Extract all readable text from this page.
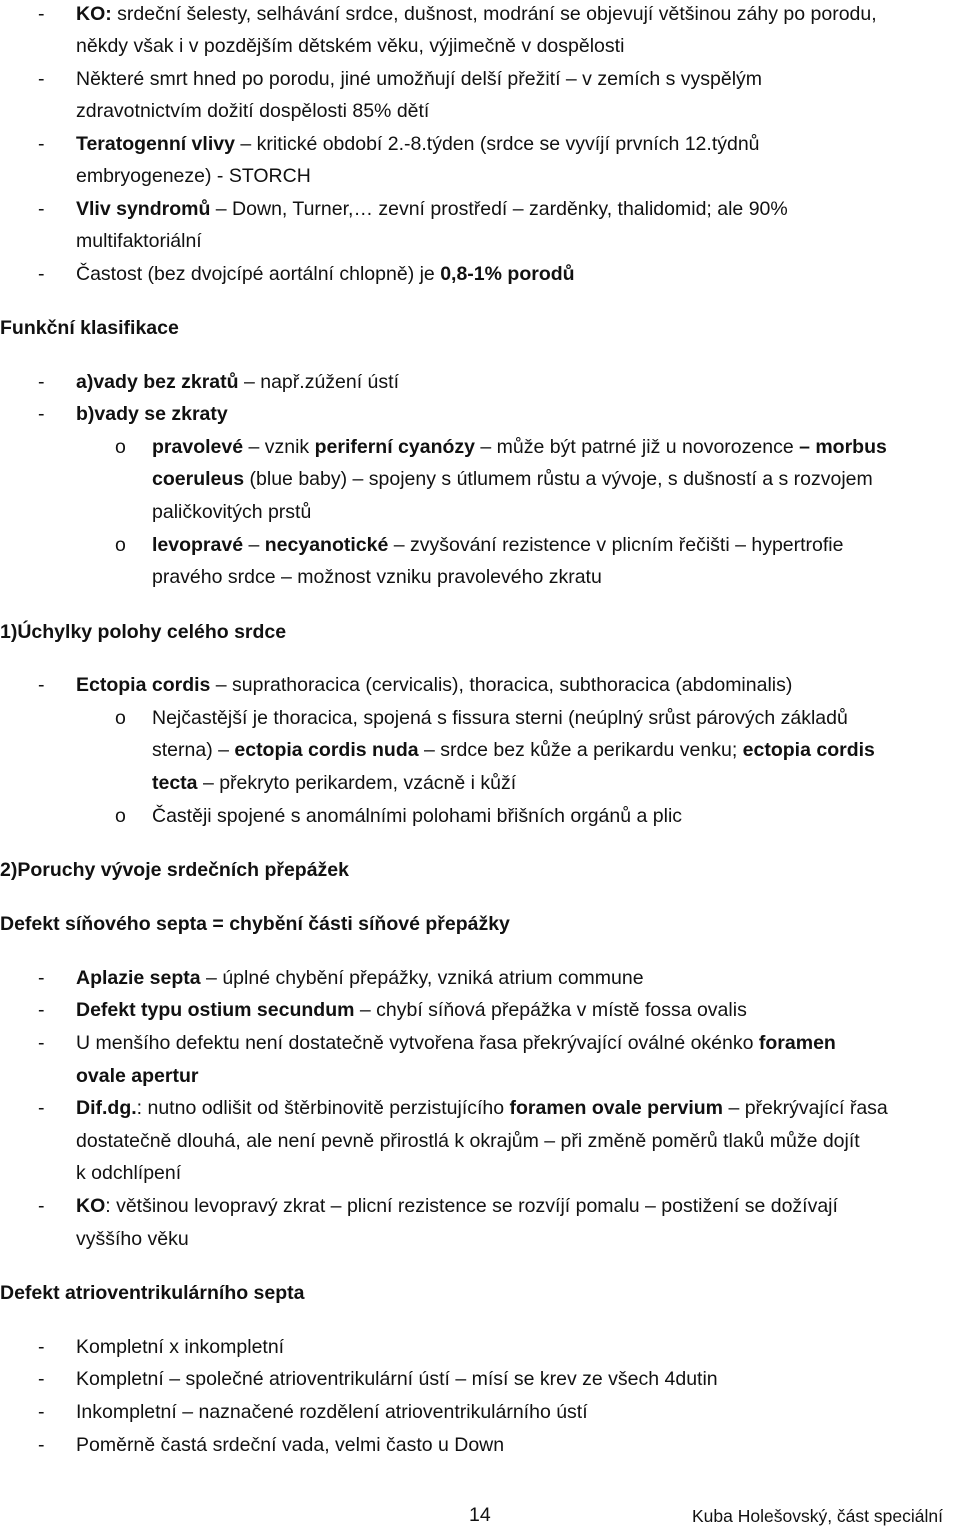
- KO: srdeční šelesty, selhávání srdce, dušnost, modrání se objevují většinou záhy po porodu,
někdy však i v pozdějším dětském věku, výjimečně v dospělosti
- Některé smrt hned po porodu, jiné umožňují delší přežití – v zemích s vyspělým
zdravotnictvím dožití dospělosti 85% dětí
- Teratogenní vlivy – kritické období 2.-8.týden (srdce se vyvíjí prvních 12.týdnů
embryogeneze) - STORCH
- Vliv syndromů – Down, Turner,… zevní prostředí – zarděnky, thalidomid; ale 90%
multifaktoriální
- Častost (bez dvojcípé aortální chlopně) je 0,8-1% porodů
Funkční klasifikace
- a)vady bez zkratů – např.zúžení ústí
- b)vady se zkraty
o pravolevé – vznik periferní cyanózy – může být patrné již u novorozence – morbus
coeruleus (blue baby) – spojeny s útlumem růstu a vývoje, s dušností a s rozvojem
paličkovitých prstů
o levopravé – necyanotické – zvyšování rezistence v plicním řečišti – hypertrofie
pravého srdce – možnost vzniku pravolevého zkratu
1)Úchylky polohy celého srdce
- Ectopia cordis – suprathoracica (cervicalis), thoracica, subthoracica (abdominalis)
o Nejčastější je thoracica, spojená s fissura sterni (neúplný srůst párových základů
sterna) – ectopia cordis nuda – srdce bez kůže a perikardu venku; ectopia cordis
tecta – překryto perikardem, vzácně i kůží
o Častěji spojené s anomálními polohami břišních orgánů a plic
2)Poruchy vývoje srdečních přepážek
Defekt síňového septa = chybění části síňové přepážky
- Aplazie septa – úplné chybění přepážky, vzniká atrium commune
- Defekt typu ostium secundum – chybí síňová přepážka v místě fossa ovalis
- U menšího defektu není dostatečně vytvořena řasa překrývající oválné okénko foramen
ovale apertur
- Dif.dg.: nutno odlišit od štěrbinovitě perzistujícího foramen ovale pervium – překrývající řasa
dostatečně dlouhá, ale není pevně přirostlá k okrajům – při změně poměrů tlaků může dojít
k odchlípení
- KO: většinou levopravý zkrat – plicní rezistence se rozvíjí pomalu – postižení se dožívají
vyššího věku
Defekt atrioventrikulárního septa
- Kompletní x inkompletní
- Kompletní – společné atrioventrikulární ústí – mísí se krev ze všech 4dutin
- Inkompletní – naznačené rozdělení atrioventrikulárního ústí
- Poměrně častá srdeční vada, velmi často u Down
14	Kuba Holešovský, část speciální
